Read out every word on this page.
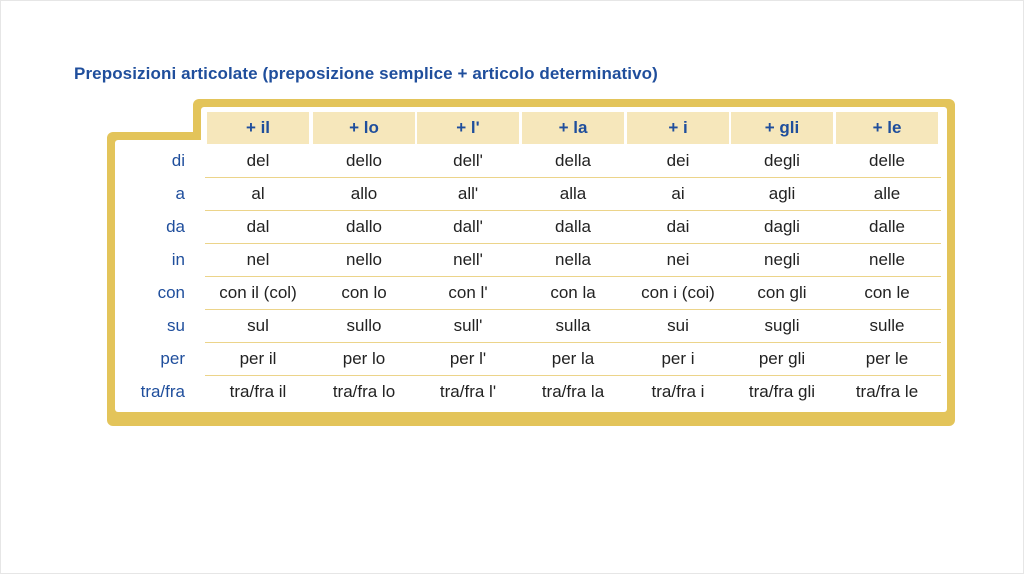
Preposizioni articolate (preposizione semplice + articolo determinativo)
+ il	+ lo	+ l'	+ la	+ i	+ gli	+ le
di	del	dello	dell'	della	dei	degli	delle
a	al	allo	all'	alla	ai	agli	alle
da	dal	dallo	dall'	dalla	dai	dagli	dalle
in	nel	nello	nell'	nella	nei	negli	nelle
con	con il (col)	con lo	con l'	con la	con i (coi)	con gli	con le
su	sul	sullo	sull'	sulla	sui	sugli	sulle
per	per il	per lo	per l'	per la	per i	per gli	per le
tra/fra	tra/fra il	tra/fra lo	tra/fra l'	tra/fra la	tra/fra i	tra/fra gli	tra/fra le
